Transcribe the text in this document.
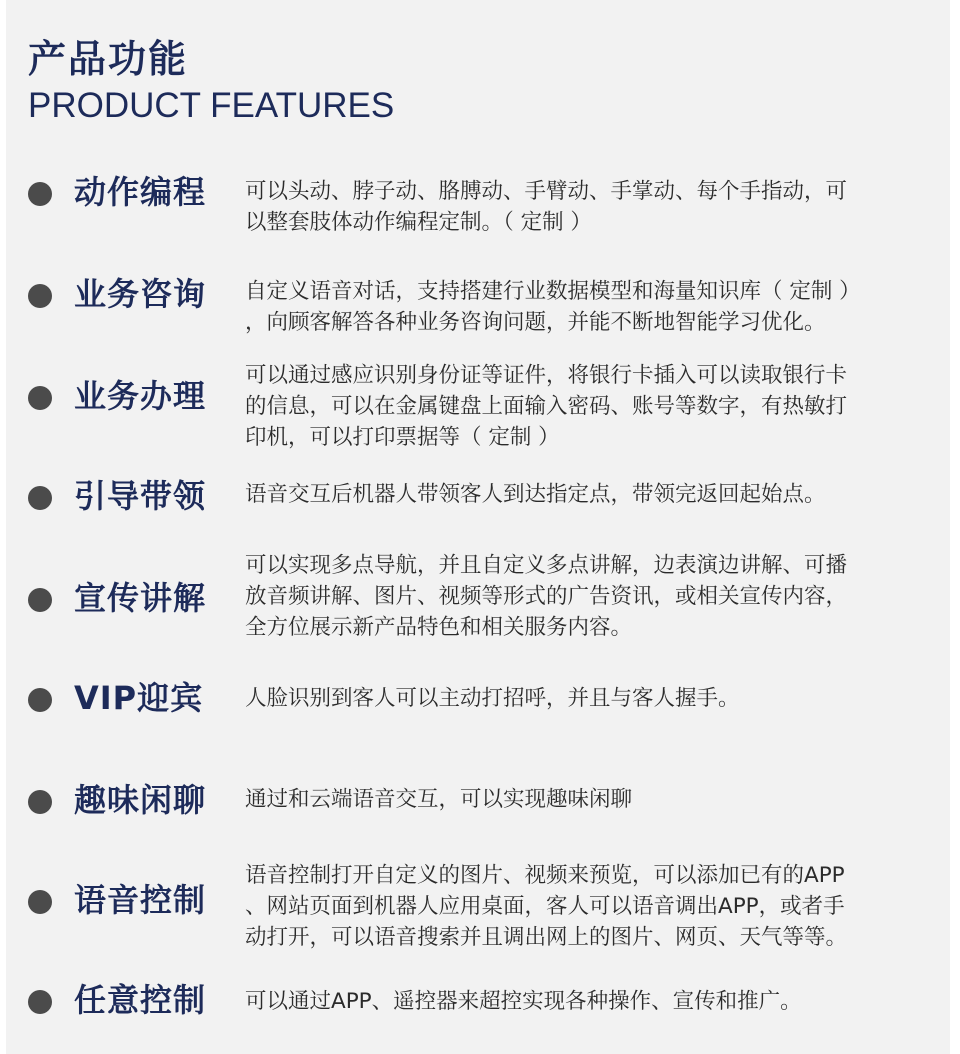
产品功能
PRODUCT FEATURES
动作编程 可以头动、脖子动、胳膊动、手臂动、手掌动、每个手指动，可
以整套肢体动作编程定制。（ 定制 ）
业务咨询 自定义语音对话，支持搭建行业数据模型和海量知识库（ 定制 ）
，向顾客解答各种业务咨询问题，并能不断地智能学习优化。
业务办理
可以通过感应识别身份证等证件，将银行卡插入可以读取银行卡
的信息，可以在金属键盘上面输入密码、账号等数字，有热敏打
印机，可以打印票据等（ 定制 ）
引导带领 语音交互后机器人带领客人到达指定点，带领完返回起始点。
宣传讲解
可以实现多点导航，并且自定义多点讲解，边表演边讲解、可播
放音频讲解、图片、视频等形式的广告资讯，或相关宣传内容，
全方位展示新产品特色和相关服务内容。
VIP迎宾 人脸识别到客人可以主动打招呼，并且与客人握手。
趣味闲聊 通过和云端语音交互，可以实现趣味闲聊
语音控制
语音控制打开自定义的图片、视频来预览，可以添加已有的APP
、网站页面到机器人应用桌面，客人可以语音调出APP，或者手
动打开，可以语音搜索并且调出网上的图片、网页、天气等等。
任意控制 可以通过APP、遥控器来超控实现各种操作、宣传和推广。
